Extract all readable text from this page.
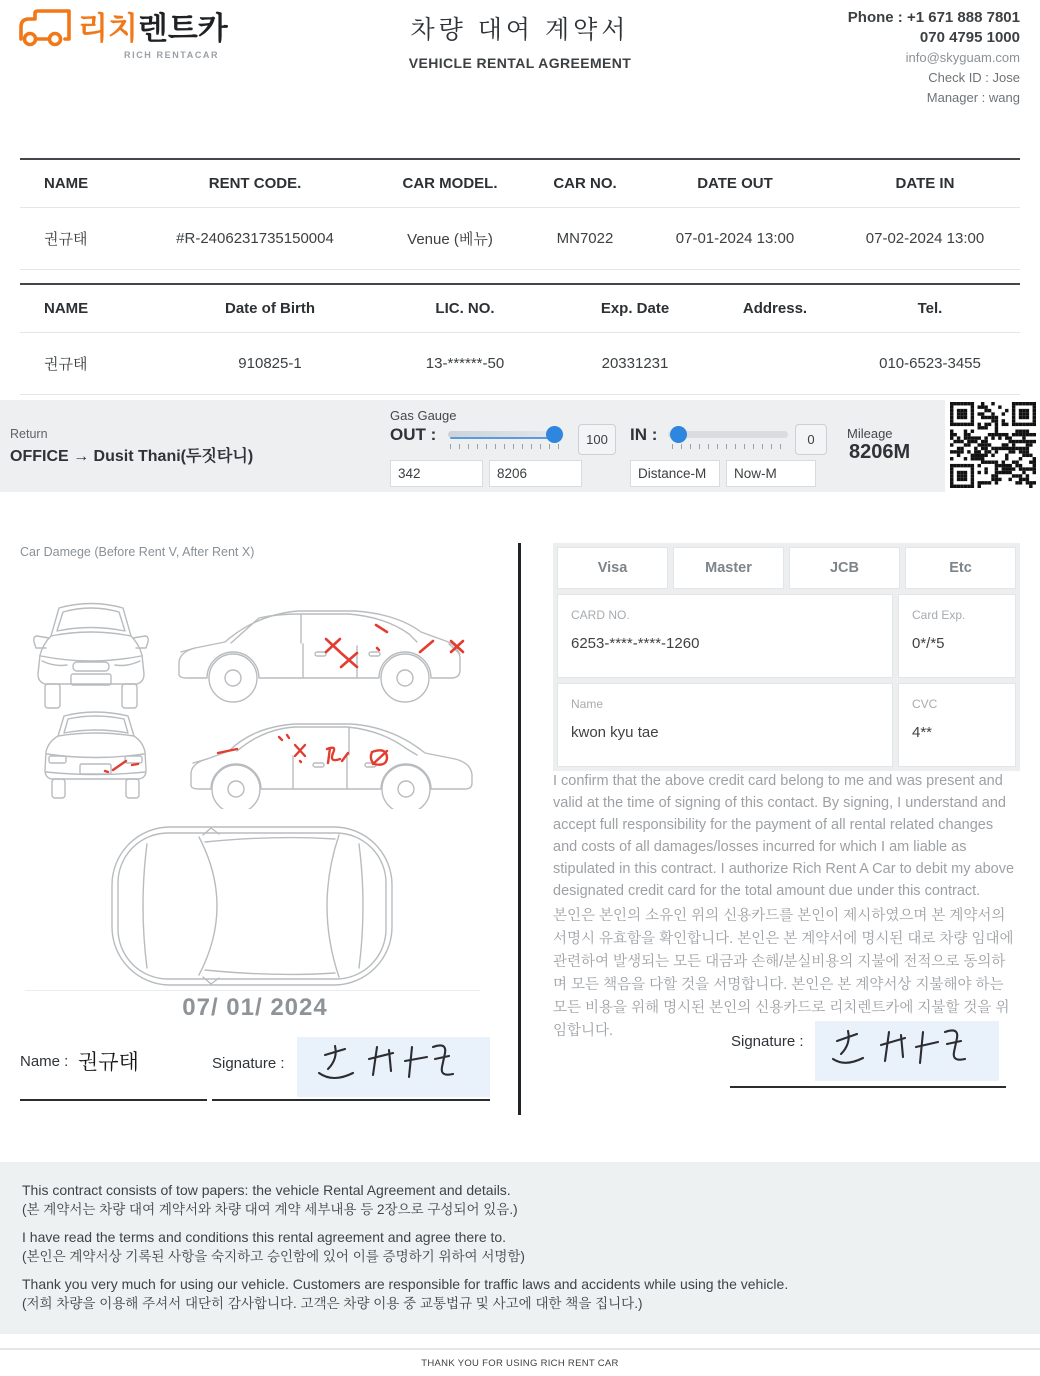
리치렌트카
RICH RENTACAR
차량 대여 계약서
VEHICLE RENTAL AGREEMENT
Phone : +1 671 888 7801
070 4795 1000
info@skyguam.com
Check ID : Jose
Manager : wang
NAME	RENT CODE.	CAR MODEL.	CAR NO.	DATE OUT	DATE IN
권규태	#R-2406231735150004	Venue (베뉴)	MN7022	07-01-2024 13:00	07-02-2024 13:00
NAME	Date of Birth	LIC. NO.	Exp. Date	Address.	Tel.
권규태	910825-1	13-******-50	20331231		010-6523-3455
Return
OFFICE → Dusit Thani(두짓타니)
Gas Gauge
OUT :	100
342
8206	IN :	0
Distance-M
Now-M	Mileage
8206M
Car Damege (Before Rent V, After Rent X)
07/ 01/ 2024
Name : 권규태	Signature :
Visa	Master	JCB	Etc
CARD NO.
6253-****-****-1260
Card Exp.
0*/*5
Name
kwon kyu tae
CVC
4**
I confirm that the above credit card belong to me and was present and valid at the time of signing of this contact. By signing, I understand and accept full responsibility for the payment of all rental related changes and costs of all damages/losses incurred for which I am liable as stipulated in this contract. I authorize Rich Rent A Car to debit my above designated credit card for the total amount due under this contract.
본인은 본인의 소유인 위의 신용카드를 본인이 제시하였으며 본 계약서의 서명시 유효함을 확인합니다. 본인은 본 계약서에 명시된 대로 차량 임대에 관련하여 발생되는 모든 대금과 손해/분실비용의 지불에 전적으로 동의하며 모든 책음을 다할 것을 서명합니다. 본인은 본 계약서상 지불해야 하는 모든 비용을 위해 명시된 본인의 신용카드로 리치렌트카에 지불할 것을 위임합니다.
Signature :
This contract consists of tow papers: the vehicle Rental Agreement and details.
(본 계약서는 차량 대여 계약서와 차량 대여 계약 세부내용 등 2장으로 구성되어 있음.)
I have read the terms and conditions this rental agreement and agree there to.
(본인은 계약서상 기록된 사항을 숙지하고 승인함에 있어 이를 증명하기 위하여 서명함)
Thank you very much for using our vehicle. Customers are responsible for traffic laws and accidents while using the vehicle.
(저희 차량을 이용해 주셔서 대단히 감사합니다. 고객은 차량 이용 중 교통법규 및 사고에 대한 책을 집니다.)
THANK YOU FOR USING RICH RENT CAR
